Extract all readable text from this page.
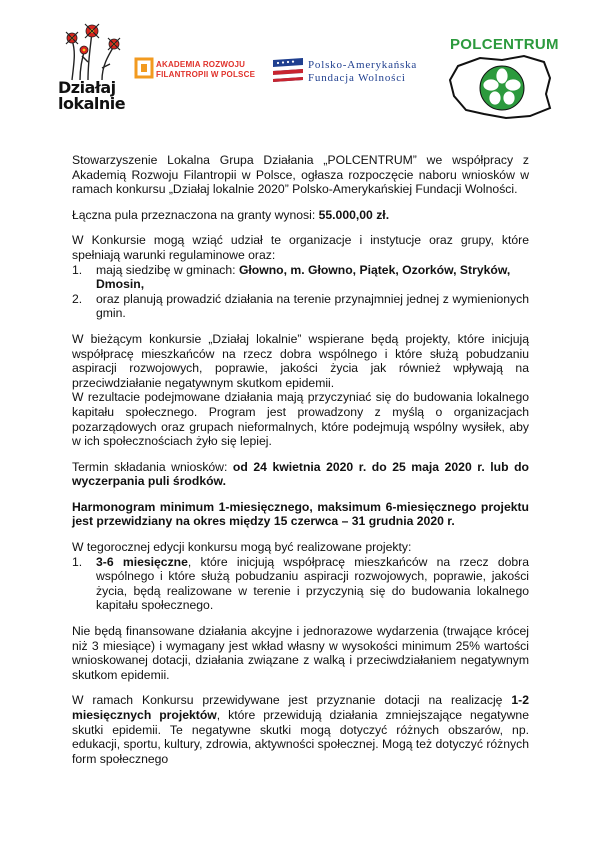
Działaj
lokalnie
AKADEMIA ROZWOJU
FILANTROPII W POLSCE
Polsko-Amerykańska
Fundacja Wolności
POLCENTRUM

Stowarzyszenie Lokalna Grupa Działania „POLCENTRUM” we współpracy z Akademią Rozwoju Filantropii w Polsce, ogłasza rozpoczęcie naboru wniosków w ramach konkursu „Działaj lokalnie 2020” Polsko-Amerykańskiej Fundacji Wolności.

Łączna pula przeznaczona na granty wynosi: 55.000,00 zł.

W Konkursie mogą wziąć udział te organizacje i instytucje oraz grupy, które spełniają warunki regulaminowe oraz:

1. mają siedzibę w gminach: Głowno, m. Głowno, Piątek, Ozorków, Stryków, Dmosin,
2. oraz planują prowadzić działania na terenie przynajmniej jednej z wymienionych gmin.

W bieżącym konkursie „Działaj lokalnie” wspierane będą projekty, które inicjują współpracę mieszkańców na rzecz dobra wspólnego i które służą pobudzaniu aspiracji rozwojowych, poprawie, jakości życia jak również wpływają na przeciwdziałanie negatywnym skutkom epidemii.

W rezultacie podejmowane działania mają przyczyniać się do budowania lokalnego kapitału społecznego. Program jest prowadzony z myślą o organizacjach pozarządowych oraz grupach nieformalnych, które podejmują wspólny wysiłek, aby w ich społecznościach żyło się lepiej.

Termin składania wniosków: od 24 kwietnia 2020 r. do 25 maja 2020 r. lub do wyczerpania puli środków.

Harmonogram minimum 1-miesięcznego, maksimum 6-miesięcznego projektu jest przewidziany na okres między 15 czerwca – 31 grudnia 2020 r.

W tegorocznej edycji konkursu mogą być realizowane projekty:

1. 3-6 miesięczne, które inicjują współpracę mieszkańców na rzecz dobra wspólnego i które służą pobudzaniu aspiracji rozwojowych, poprawie, jakości życia, będą realizowane w terenie i przyczynią się do budowania lokalnego kapitału społecznego.

Nie będą finansowane działania akcyjne i jednorazowe wydarzenia (trwające krócej niż 3 miesiące) i wymagany jest wkład własny w wysokości minimum 25% wartości wnioskowanej dotacji, działania związane z walką i przeciwdziałaniem negatywnym skutkom epidemii.

W ramach Konkursu przewidywane jest przyznanie dotacji na realizację 1-2 miesięcznych projektów, które przewidują działania zmniejszające negatywne skutki epidemii. Te negatywne skutki mogą dotyczyć różnych obszarów, np. edukacji, sportu, kultury, zdrowia, aktywności społecznej. Mogą też dotyczyć różnych form społecznego
